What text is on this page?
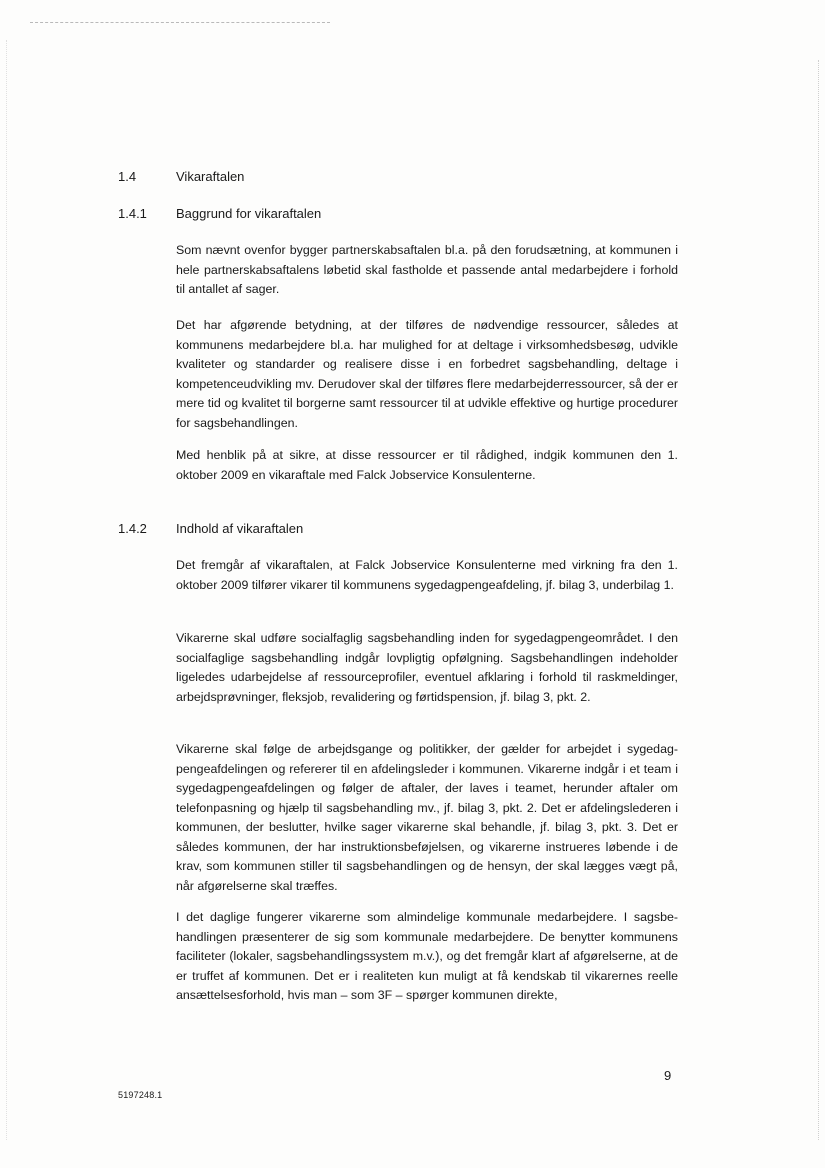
1.4	Vikaraftalen
1.4.1 Baggrund for vikaraftalen
Som nævnt ovenfor bygger partnerskabsaftalen bl.a. på den forudsætning, at kommunen i hele partnerskabsaftalens løbetid skal fastholde et passende antal medarbejdere i forhold til antallet af sager.
Det har afgørende betydning, at der tilføres de nødvendige ressourcer, således at kommunens medarbejdere bl.a. har mulighed for at deltage i virksomhedsbesøg, udvikle kvaliteter og standarder og realisere disse i en forbedret sagsbehandling, deltage i kompetenceudvikling mv. Derudover skal der tilføres flere medarbejderressourcer, så der er mere tid og kvalitet til borgerne samt ressourcer til at udvikle effektive og hurtige procedurer for sagsbehandlingen.
Med henblik på at sikre, at disse ressourcer er til rådighed, indgik kommunen den 1. oktober 2009 en vikaraftale med Falck Jobservice Konsulenterne.
1.4.2 Indhold af vikaraftalen
Det fremgår af vikaraftalen, at Falck Jobservice Konsulenterne med virkning fra den 1. oktober 2009 tilfører vikarer til kommunens sygedagpengeafdeling, jf. bilag 3, underbilag 1.
Vikarerne skal udføre socialfaglig sagsbehandling inden for sygedagpengeområdet. I den socialfaglige sagsbehandling indgår lovpligtig opfølgning. Sagsbehandlingen indeholder ligeledes udarbejdelse af ressourceprofiler, eventuel afklaring i forhold til raskmeldinger, arbejdsprøvninger, fleksjob, revalidering og førtidspension, jf. bilag 3, pkt. 2.
Vikarerne skal følge de arbejdsgange og politikker, der gælder for arbejdet i sygedagpengeafdelingen og refererer til en afdelingsleder i kommunen. Vikarerne indgår i et team i sygedagpengeafdelingen og følger de aftaler, der laves i teamet, herunder aftaler om telefonpasning og hjælp til sagsbehandling mv., jf. bilag 3, pkt. 2. Det er afdelingslederen i kommunen, der beslutter, hvilke sager vikarerne skal behandle, jf. bilag 3, pkt. 3. Det er således kommunen, der har instruktionsbeføjelsen, og vikarerne instrueres løbende i de krav, som kommunen stiller til sagsbehandlingen og de hensyn, der skal lægges vægt på, når afgørelserne skal træffes.
I det daglige fungerer vikarerne som almindelige kommunale medarbejdere. I sagsbehandlingen præsenterer de sig som kommunale medarbejdere. De benytter kommunens faciliteter (lokaler, sagsbehandlingssystem m.v.), og det fremgår klart af afgørelserne, at de er truffet af kommunen. Det er i realiteten kun muligt at få kendskab til vikarernes reelle ansættelsesforhold, hvis man – som 3F – spørger kommunen direkte,
9
5197248.1
